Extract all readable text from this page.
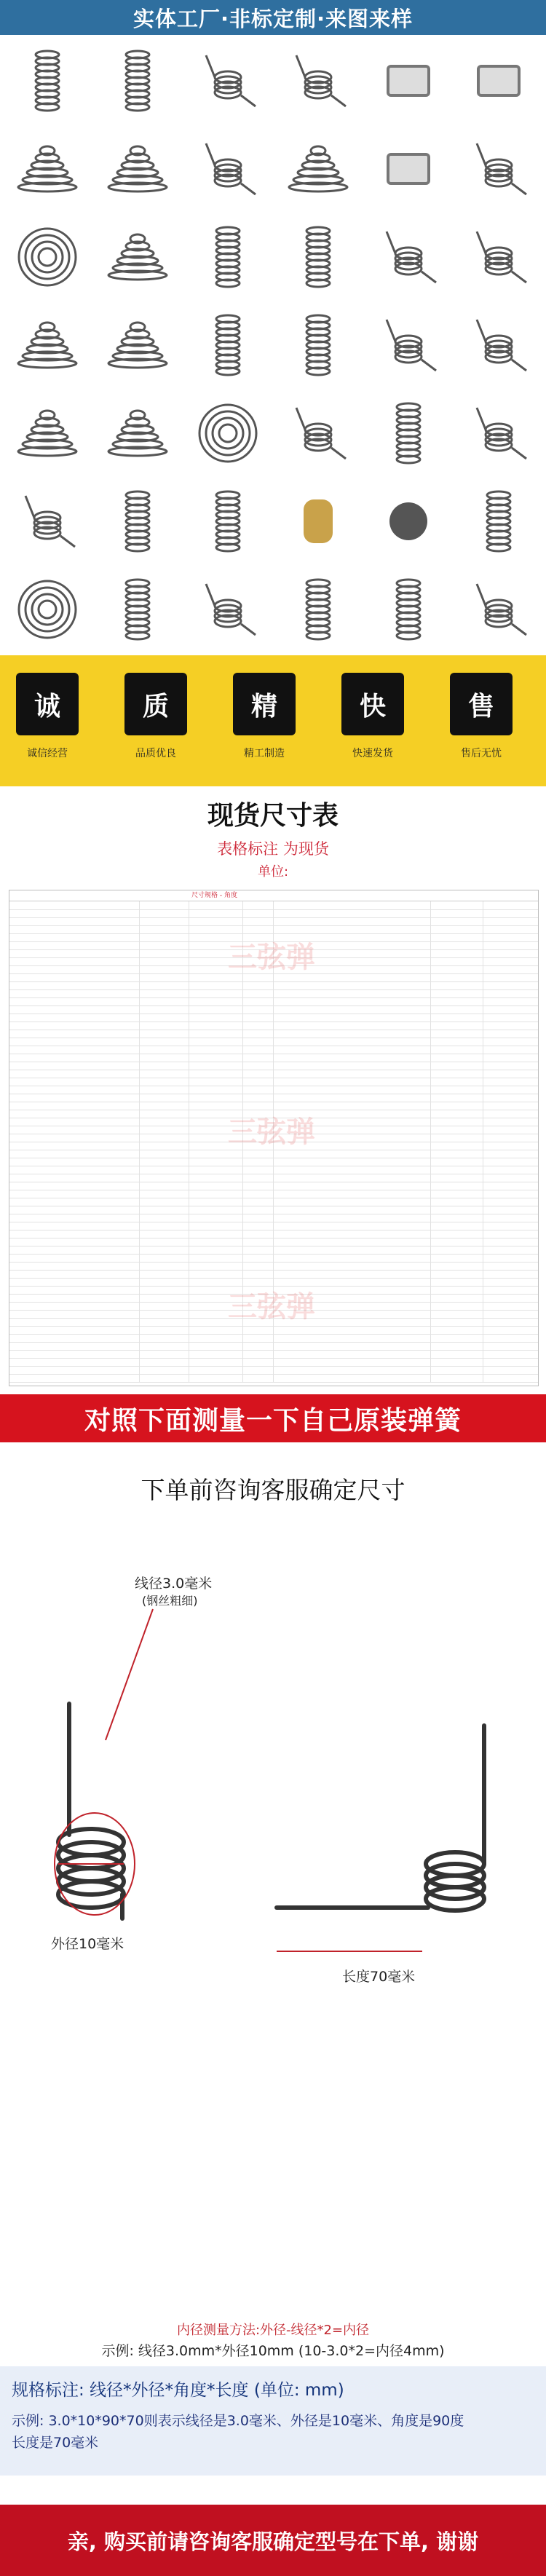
实体工厂·非标定制·来图来样
诚
诚信经营
质
品质优良
精
精工制造
快
快速发货
售
售后无忧
现货尺寸表
表格标注 为现货
单位:
尺寸规格 - 角度
三弦弹
三弦弹
三弦弹
对照下面测量一下自己原装弹簧
下单前咨询客服确定尺寸
线径3.0毫米
(钢丝粗细)
外径10毫米
长度70毫米
内径测量方法:外径-线径*2=内径
示例: 线径3.0mm*外径10mm (10-3.0*2=内径4mm)
规格标注: 线径*外径*角度*长度 (单位: mm)
示例: 3.0*10*90*70则表示线径是3.0毫米、外径是10毫米、角度是90度
长度是70毫米
亲, 购买前请咨询客服确定型号在下单, 谢谢
